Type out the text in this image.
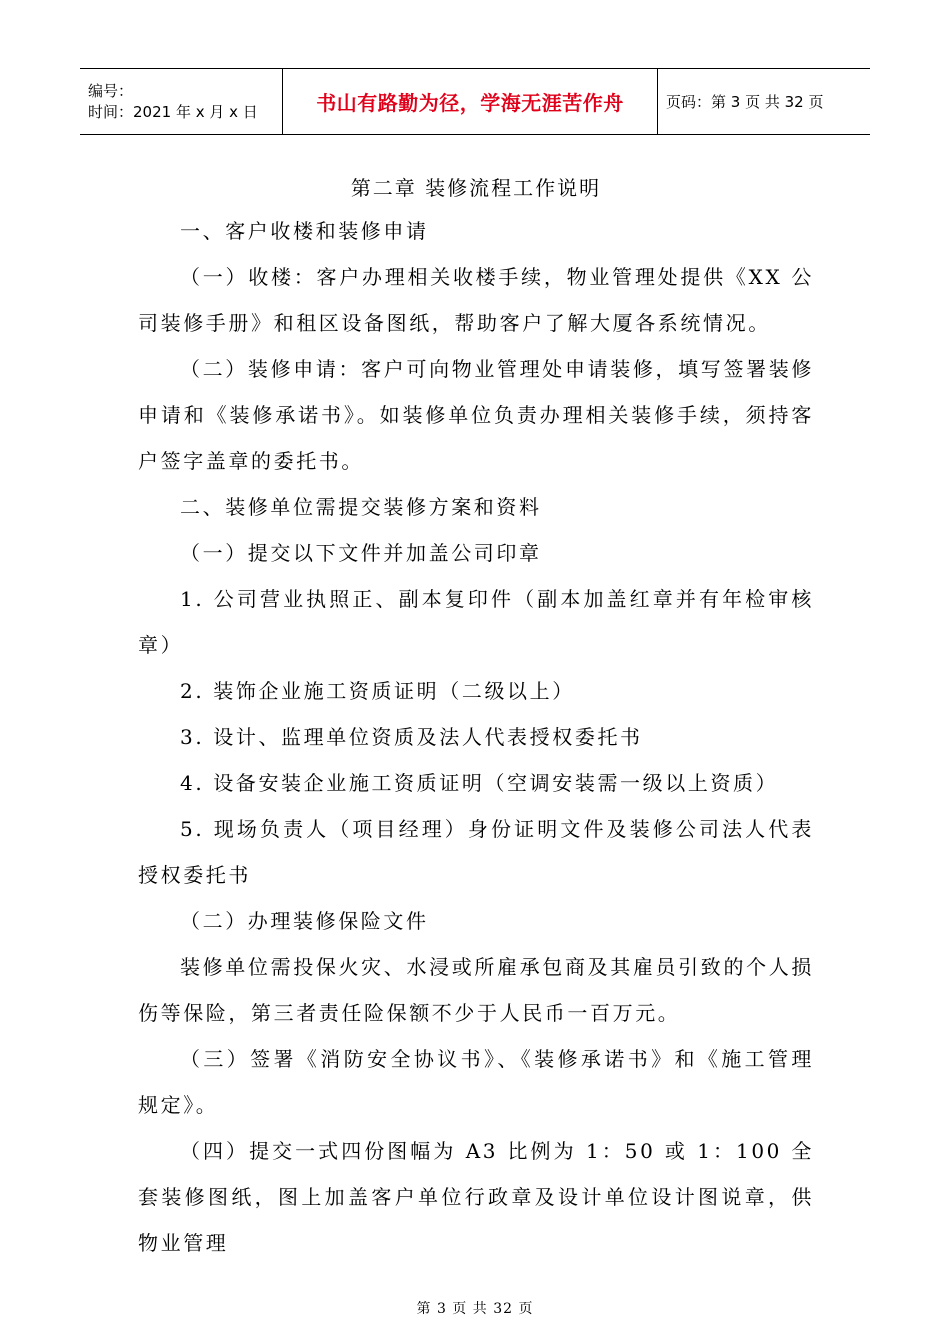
编号：
时间：2021 年 x 月 x 日	书山有路勤为径，学海无涯苦作舟	页码：第 3 页 共 32 页
第二章 装修流程工作说明
一、客户收楼和装修申请
（一）收楼：客户办理相关收楼手续，物业管理处提供《XX 公司装修手册》和租区设备图纸，帮助客户了解大厦各系统情况。
（二）装修申请：客户可向物业管理处申请装修，填写签署装修申请和《装修承诺书》。如装修单位负责办理相关装修手续，须持客户签字盖章的委托书。
二、装修单位需提交装修方案和资料
（一）提交以下文件并加盖公司印章
1. 公司营业执照正、副本复印件（副本加盖红章并有年检审核章）
2. 装饰企业施工资质证明（二级以上）
3. 设计、监理单位资质及法人代表授权委托书
4. 设备安装企业施工资质证明（空调安装需一级以上资质）
5. 现场负责人（项目经理）身份证明文件及装修公司法人代表授权委托书
（二）办理装修保险文件
装修单位需投保火灾、水浸或所雇承包商及其雇员引致的个人损伤等保险，第三者责任险保额不少于人民币一百万元。
（三）签署《消防安全协议书》、《装修承诺书》和《施工管理规定》。
（四）提交一式四份图幅为 A3 比例为 1：50 或 1：100 全套装修图纸，图上加盖客户单位行政章及设计单位设计图说章，供物业管理
第 3 页 共 32 页
